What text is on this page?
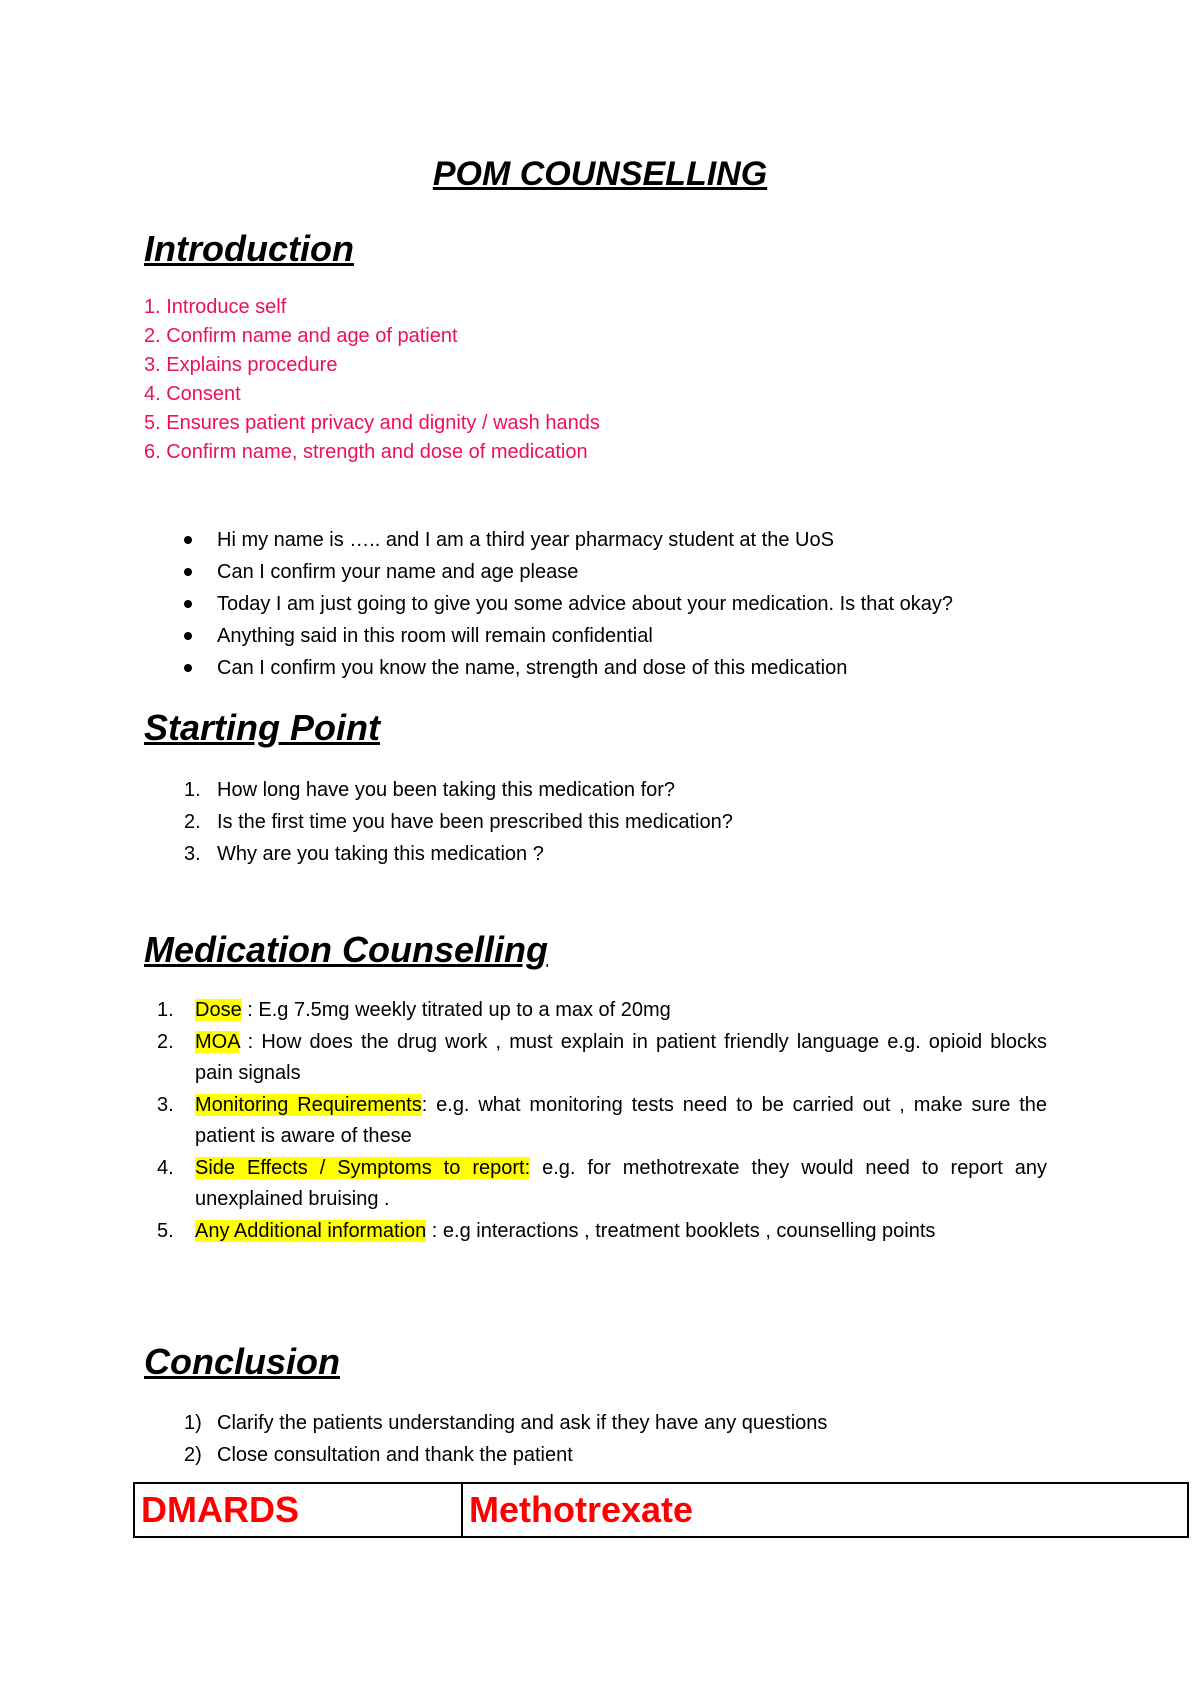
POM COUNSELLING
Introduction
1. Introduce self
2. Confirm name and age of patient
3. Explains procedure
4. Consent
5. Ensures patient privacy and dignity / wash hands
6. Confirm name, strength and dose of medication
Hi my name is ….. and I am a third year pharmacy student at the UoS
Can I confirm your name and age please
Today I am just going to give you some advice about your medication. Is that okay?
Anything said in this room will remain confidential
Can I confirm you know the name, strength and dose of this medication
Starting Point
1. How long have you been taking this medication for?
2. Is the first time you have been prescribed this medication?
3. Why are you taking this medication ?
Medication Counselling
1. Dose : E.g 7.5mg weekly titrated up to a max of 20mg
2. MOA : How does the drug work , must explain in patient friendly language e.g. opioid blocks pain signals
3. Monitoring Requirements: e.g. what monitoring tests need to be carried out , make sure the patient is aware of these
4. Side Effects / Symptoms to report: e.g. for methotrexate they would need to report any unexplained bruising .
5. Any Additional information : e.g interactions , treatment booklets , counselling points
Conclusion
1) Clarify the patients understanding and ask if they have any questions
2) Close consultation and thank the patient
DMARDS	Methotrexate
